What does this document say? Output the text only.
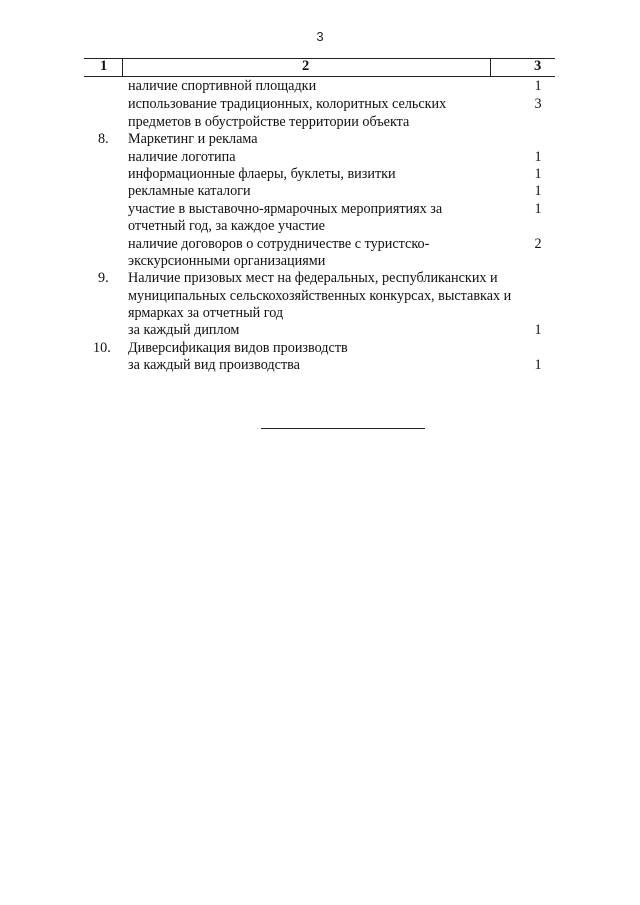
3
1	2	3
наличие спортивной площадки	1
использование традиционных, колоритных сельских	3
предметов в обустройстве территории объекта
8. Маркетинг и реклама
наличие логотипа	1
информационные флаеры, буклеты, визитки	1
рекламные каталоги	1
участие в выставочно-ярмарочных мероприятиях за	1
отчетный год, за каждое участие
наличие договоров о сотрудничестве с туристско-	2
экскурсионными организациями
9. Наличие призовых мест на федеральных, республиканских и
муниципальных сельскохозяйственных конкурсах, выставках и
ярмарках за отчетный год
за каждый диплом	1
10. Диверсификация видов производств
за каждый вид производства	1
